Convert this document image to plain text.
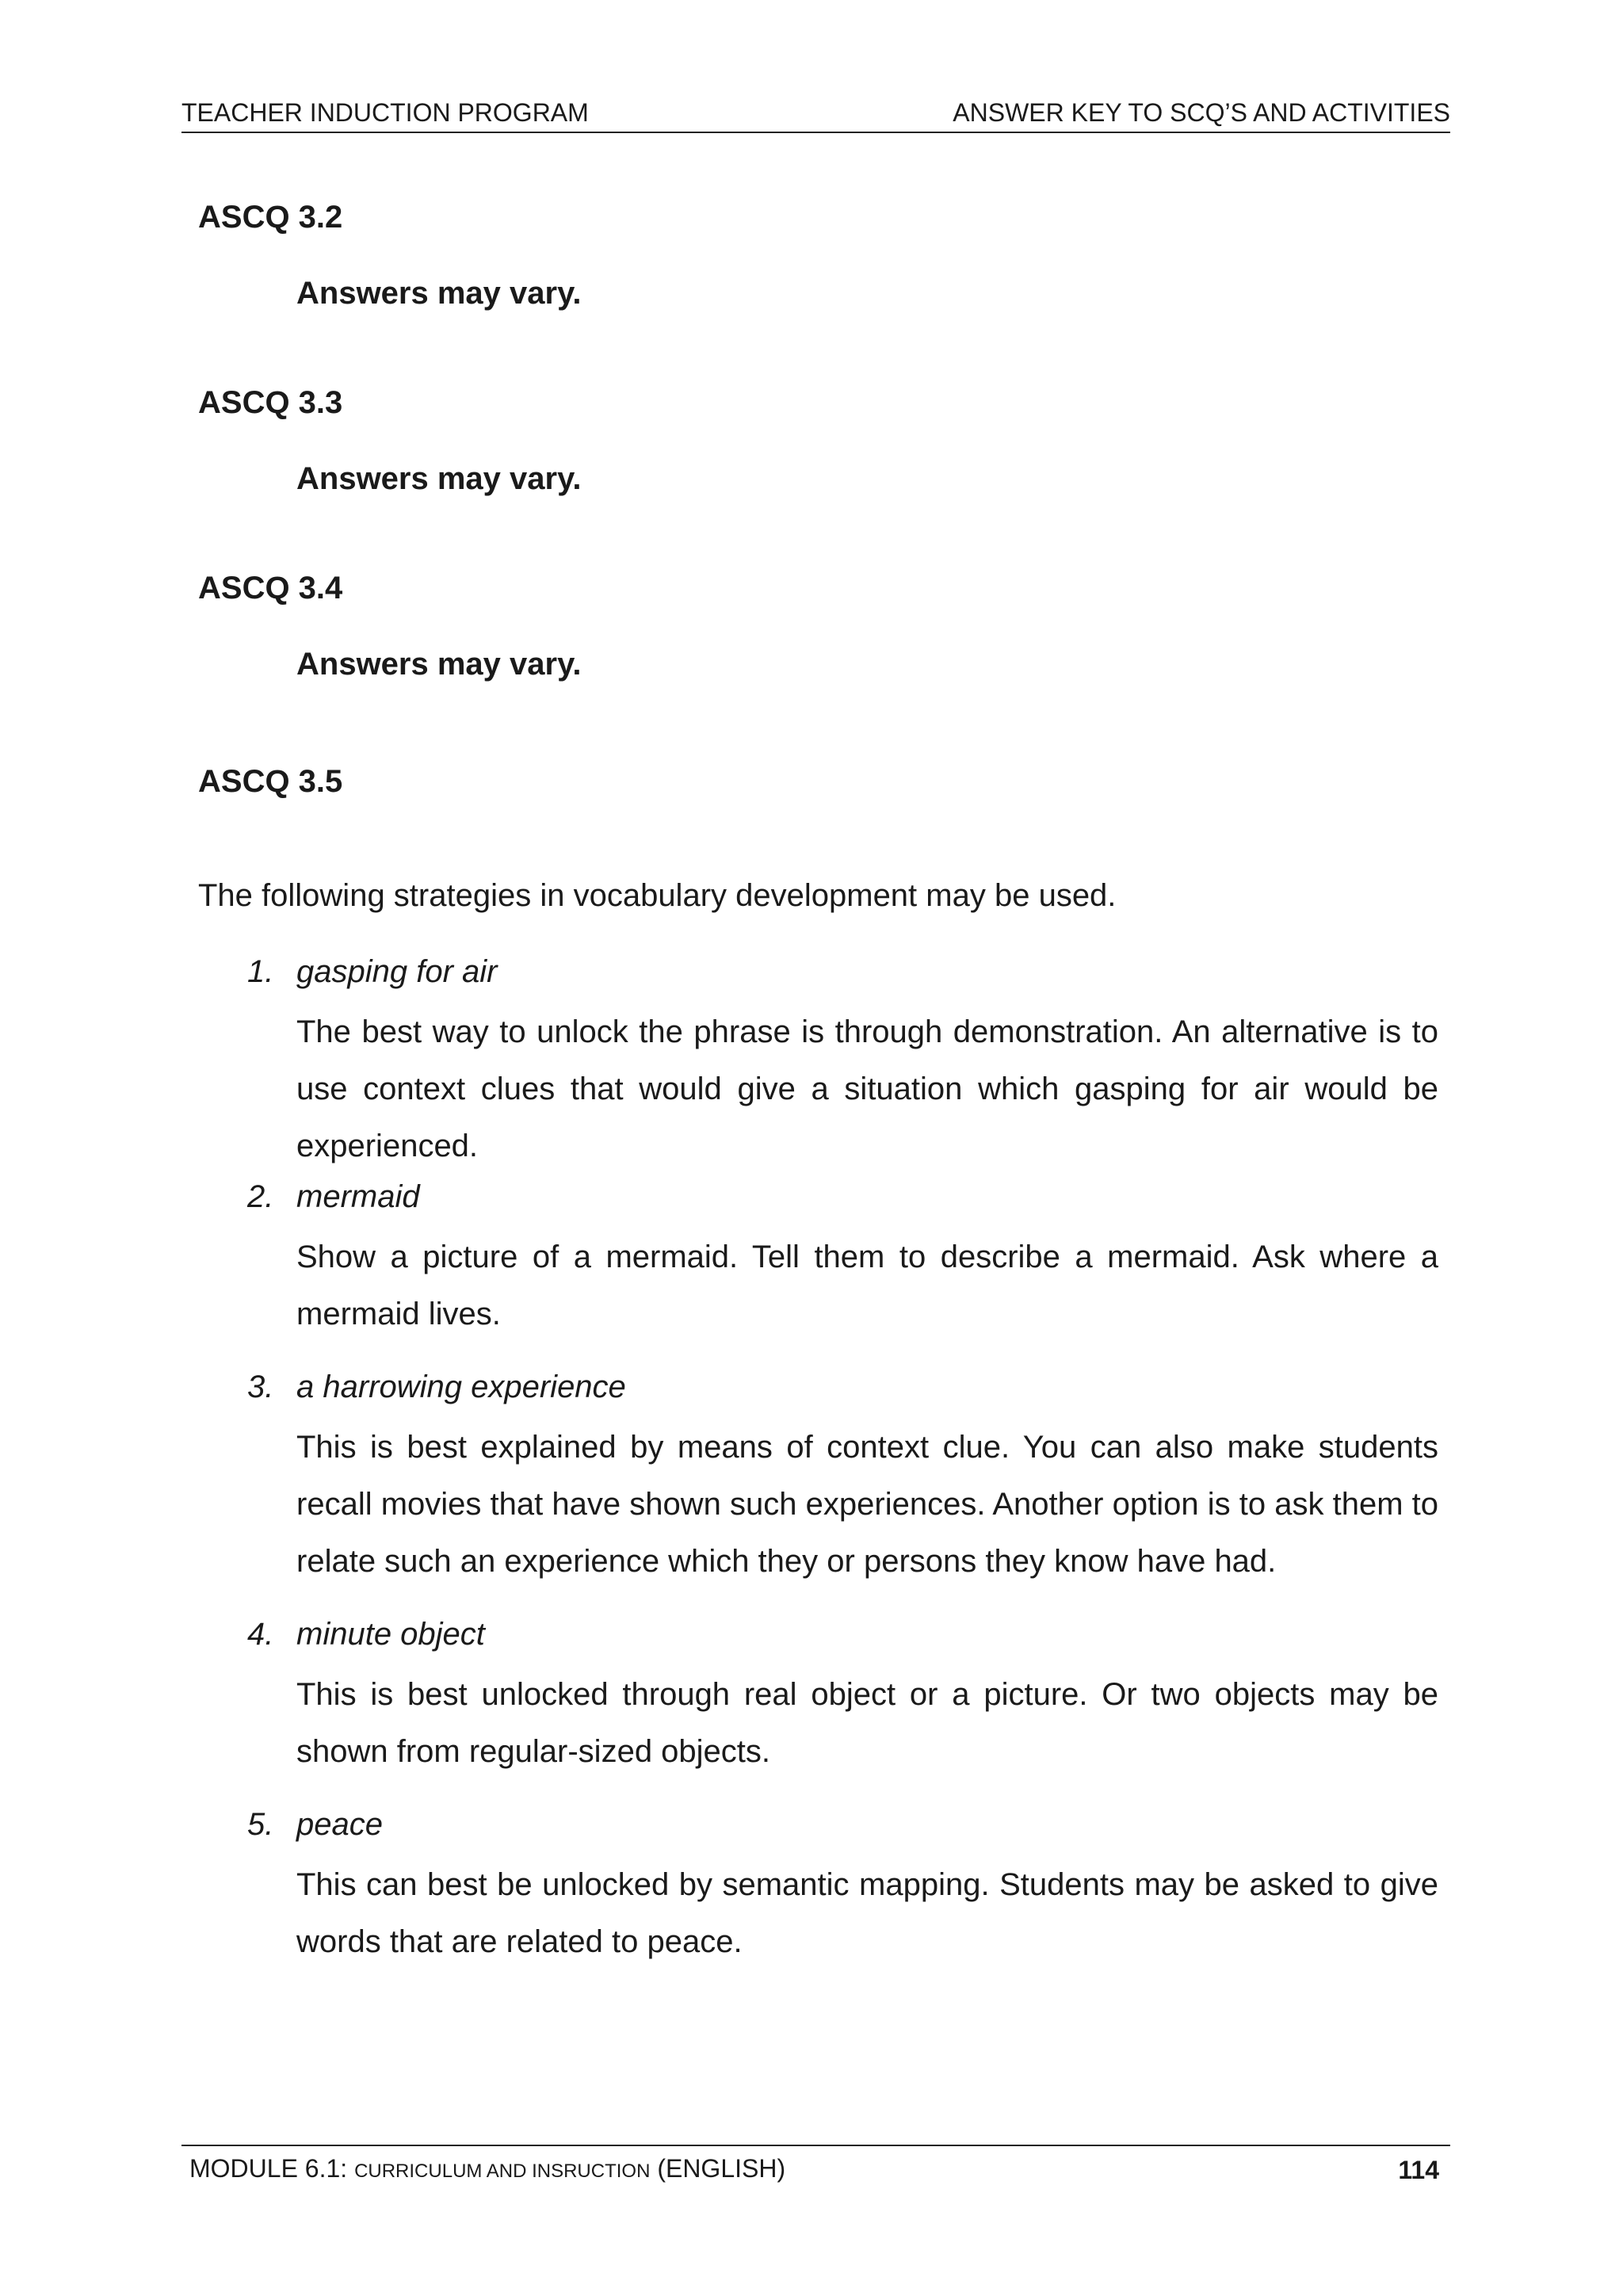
TEACHER INDUCTION PROGRAM	ANSWER KEY TO SCQ’S AND ACTIVITIES

ASCQ 3.2

Answers may vary.

ASCQ 3.3

Answers may vary.

ASCQ 3.4

Answers may vary.

ASCQ 3.5

The following strategies in vocabulary development may be used.

1. gasping for air

The best way to unlock the phrase is through demonstration. An alternative is to use context clues that would give a situation which gasping for air would be experienced.

2. mermaid

Show a picture of a mermaid. Tell them to describe a mermaid. Ask where a mermaid lives.

3. a harrowing experience

This is best explained by means of context clue. You can also make students recall movies that have shown such experiences. Another option is to ask them to relate such an experience which they or persons they know have had.

4. minute object

This is best unlocked through real object or a picture. Or two objects may be shown from regular-sized objects.

5. peace

This can best be unlocked by semantic mapping. Students may be asked to give words that are related to peace.

MODULE 6.1: CURRICULUM AND INSRUCTION (ENGLISH)	114
